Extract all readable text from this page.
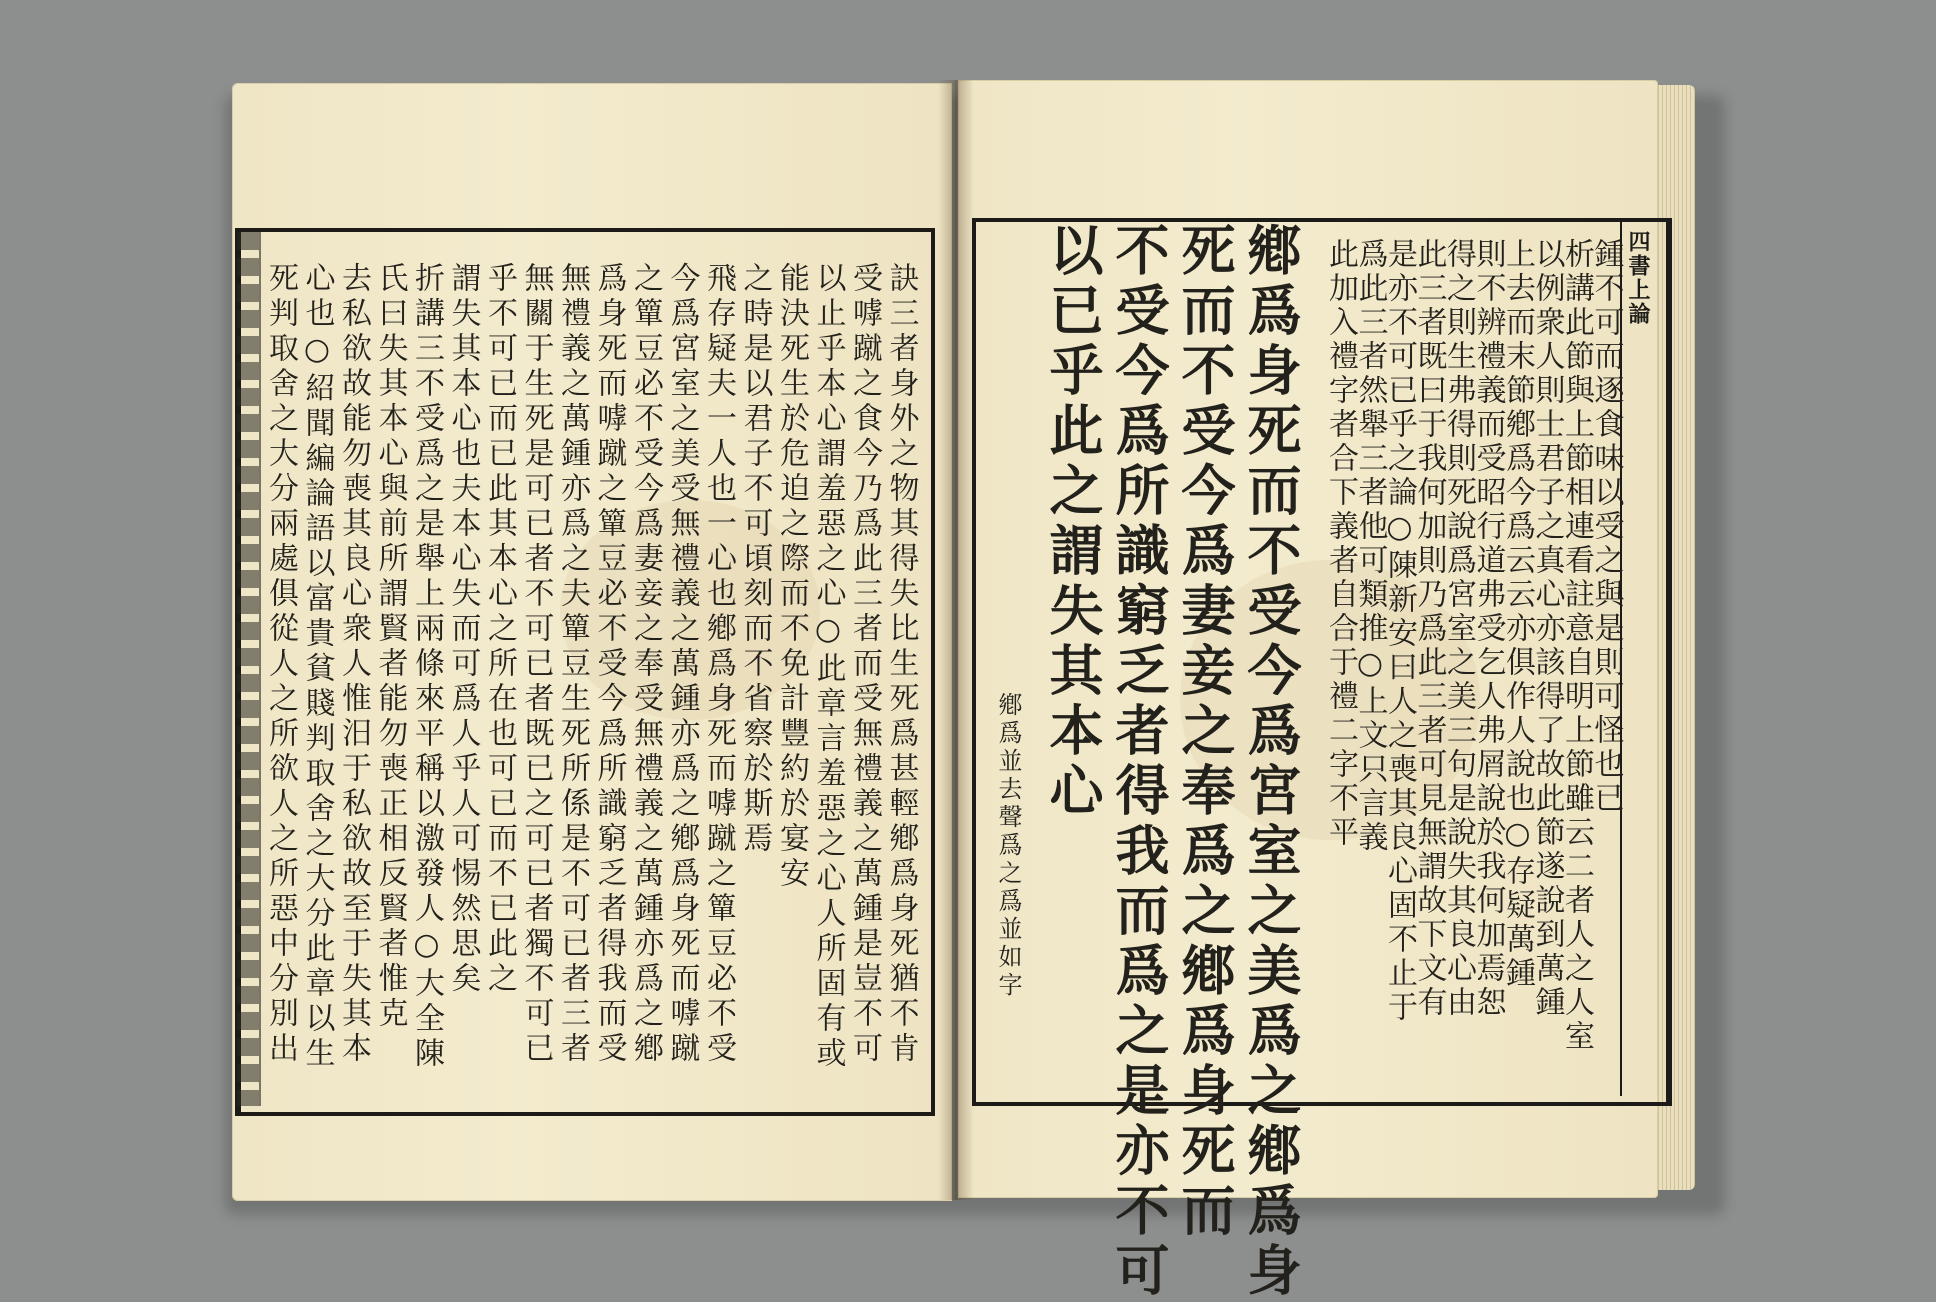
四書上論
訣三者身外之物其得失比生死爲甚輕鄕爲身死猶不肯
受嘑蹴之食今乃爲此三者而受無禮義之萬鍾是豈不可
以止乎本心謂羞惡之心○此章言羞惡之心人所固有或
能決死生於危迫之際而不免計豐約於宴安
之時是以君子不可頃刻而不省察於斯焉
飛存疑夫一人也一心也鄕爲身死而嘑蹴之簞豆必不受
今爲宮室之美受無禮義之萬鍾亦爲之鄕爲身死而嘑蹴
之簞豆必不受今爲妻妾之奉受無禮義之萬鍾亦爲之鄕
爲身死而嘑蹴之簞豆必不受今爲所識窮乏者得我而受
無禮義之萬鍾亦爲之夫簞豆生死所係是不可已者三者
無關于生死是可已者不可已者既已之可已者獨不可已
乎不可已而已此其本心之所在也可已而不已此之
謂失其本心也夫本心失而可爲人乎人可惕然思矣
折講三不受爲之是舉上兩條來平稱以激發人○大全陳
氏曰失其本心與前所謂賢者能勿喪正相反賢者惟克
去私欲故能勿喪其良心衆人惟汨于私欲故至于失其本
心也○紹聞編論語以富貴貧賤判取舍之大分此章以生
死判取舍之大分兩處俱從人之所欲人之所惡中分別出	鄕爲身死而不受今爲宮室之美爲之鄕爲身
死而不受今爲妻妾之奉爲之鄕爲身死而
不受今爲所識窮乏者得我而爲之是亦不可
以已乎此之謂失其本心
鄕爲並去聲爲之爲並如字
鍾不可而逐食味以受之與是則可怪也已
析講此節與上節相連看註意自明上節雖云二者人之人室
以例衆人則士君子之真心亦該得了故此節遂說到萬鍾
上去而末節鄕爲今爲云云亦俱作人說也○存疑萬鍾
則不辨禮義而受昭行道弗受乞人弗屑說於我何加焉恕
得之則生弗得則死說爲宮室之美三句是說失其良心由
此三者既曰于我何加則乃爲此三者可見無謂故下文有
是亦不可已乎之論○陳新安曰人之喪其良心固不止于
爲此三者然舉三者他可類推○上文只言義
此加入禮字者合下義者自合于禮二字不平
